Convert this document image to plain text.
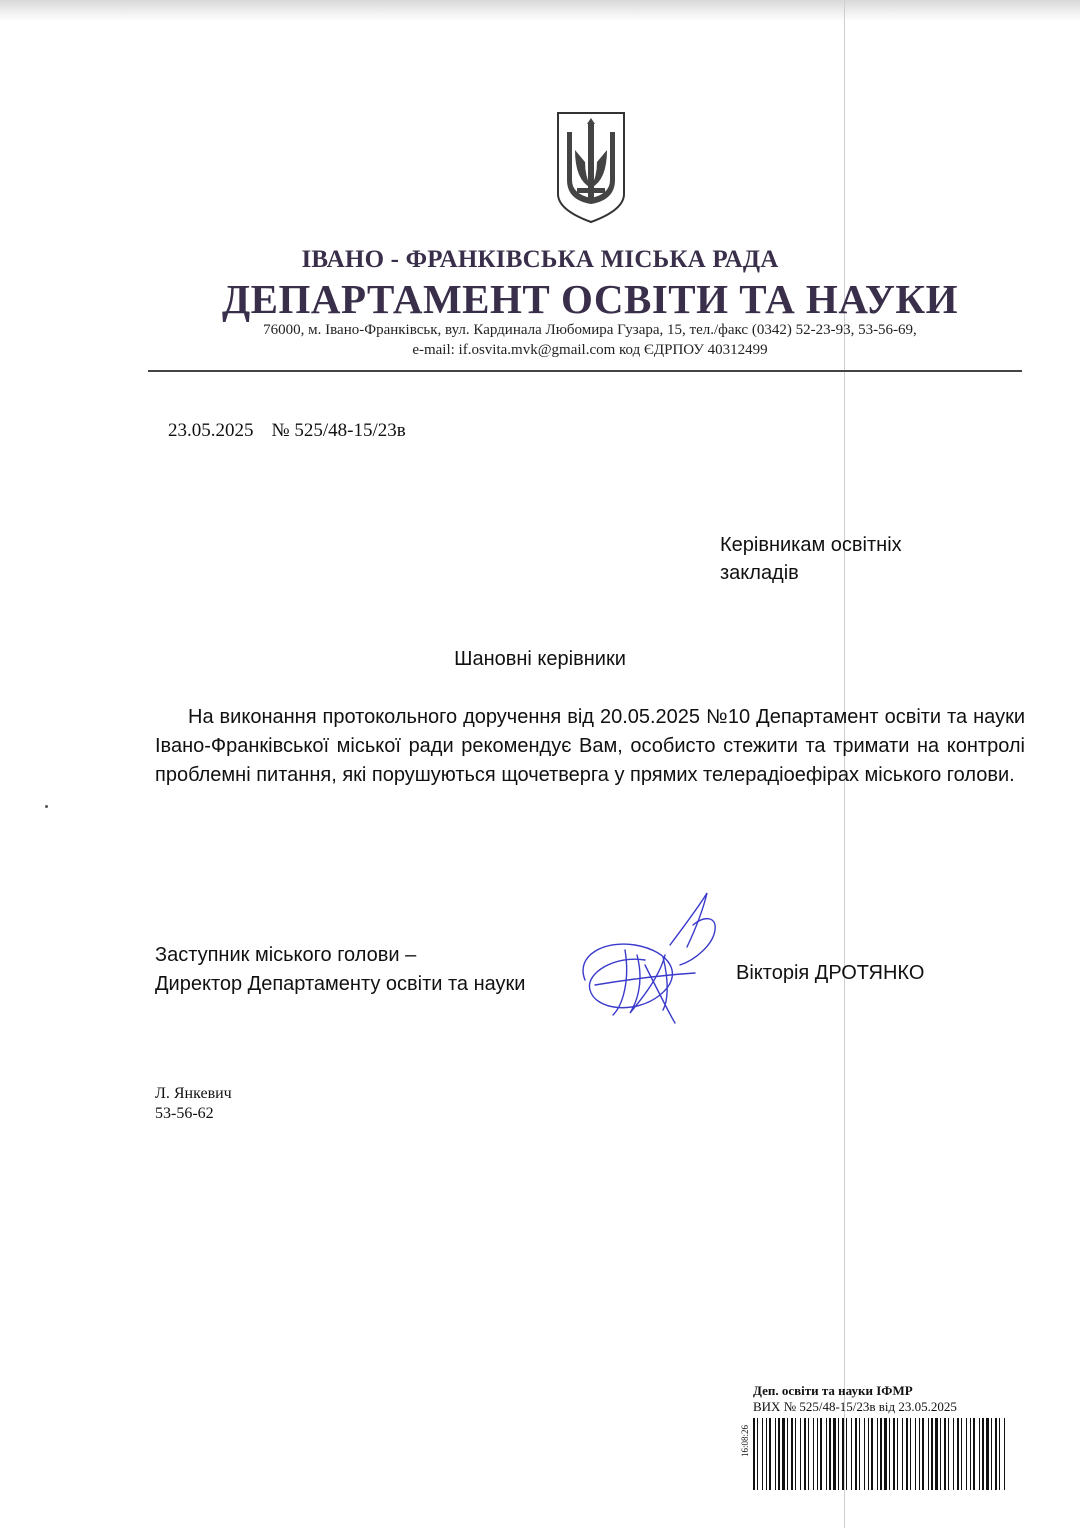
ІВАНО - ФРАНКІВСЬКА МІСЬКА РАДА
ДЕПАРТАМЕНТ ОСВІТИ ТА НАУКИ
76000, м. Івано-Франківськ, вул. Кардинала Любомира Гузара, 15, тел./факс (0342) 52-23-93, 53-56-69,
e-mail: if.osvita.mvk@gmail.com код ЄДРПОУ 40312499
23.05.2025 № 525/48-15/23в
Керівникам освітніх
закладів
Шановні керівники
На виконання протокольного доручення від 20.05.2025 №10 Департамент освіти та науки Івано-Франківської міської ради рекомендує Вам, особисто стежити та тримати на контролі проблемні питання, які порушуються щочетверга у прямих телерадіоефірах міського голови.
Заступник міського голови –
Директор Департаменту освіти та науки	Вікторія ДРОТЯНКО
Л. Янкевич
53-56-62
Деп. освіти та науки ІФМР
ВИХ № 525/48-15/23в від 23.05.2025
16:08:26
